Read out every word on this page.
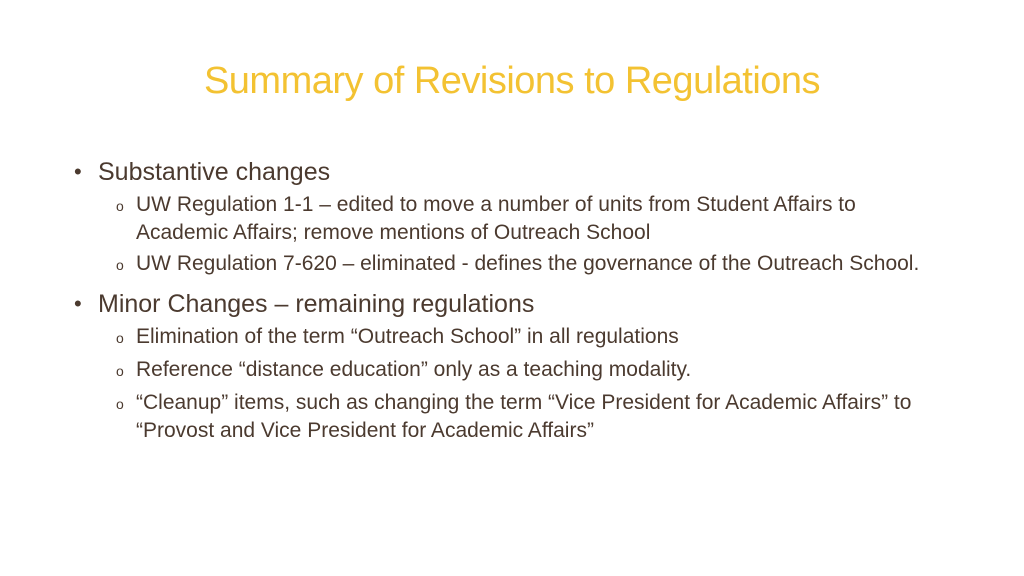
Summary of Revisions to Regulations
• Substantive changes
o UW Regulation 1-1 – edited to move a number of units from Student Affairs to Academic Affairs; remove mentions of Outreach School
o UW Regulation 7-620 – eliminated - defines the governance of the Outreach School.
• Minor Changes – remaining regulations
o Elimination of the term “Outreach School” in all regulations
o Reference “distance education” only as a teaching modality.
o “Cleanup” items, such as changing the term “Vice President for Academic Affairs” to “Provost and Vice President for Academic Affairs”
